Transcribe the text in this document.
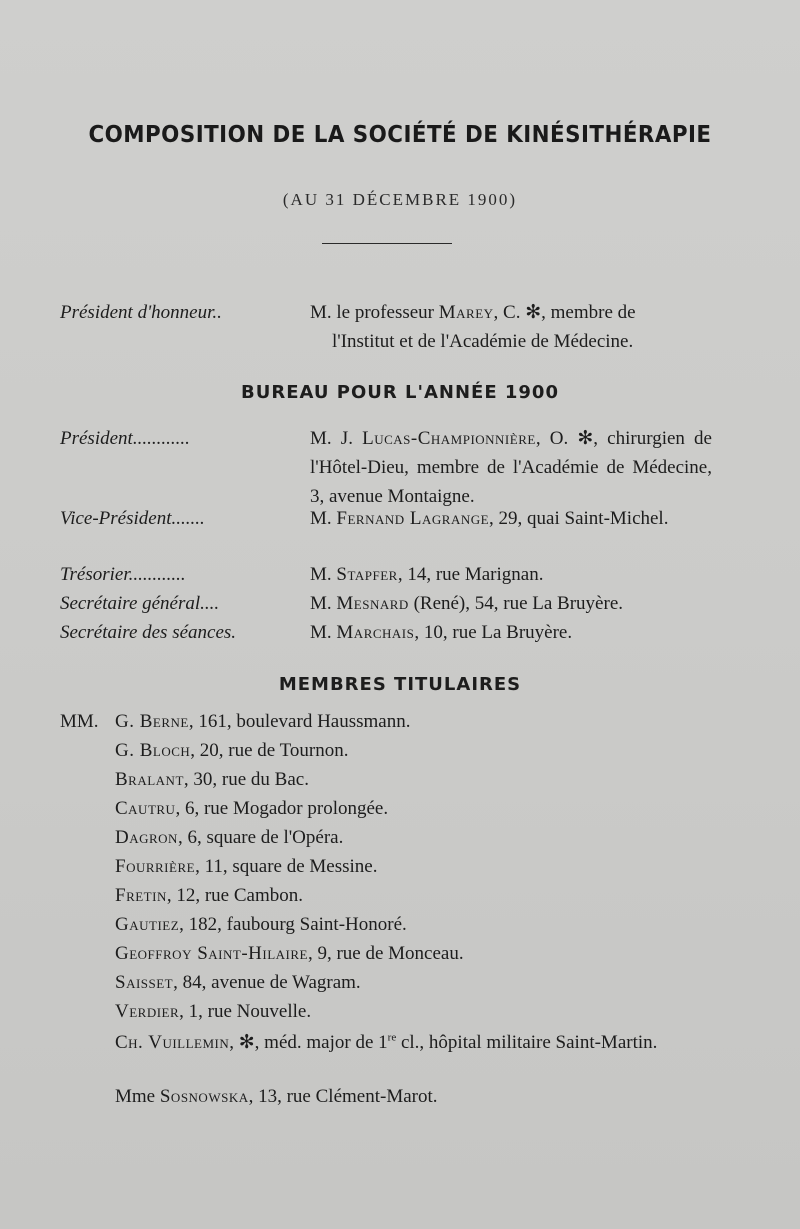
COMPOSITION DE LA SOCIÉTÉ DE KINÉSITHÉRAPIE
(AU 31 DÉCEMBRE 1900)
Président d'honneur..	M. le professeur Marey, C. ✻, membre de
l'Institut et de l'Académie de Médecine.
BUREAU POUR L'ANNÉE 1900
Président............	M. J. Lucas-Championnière, O. ✻, chirurgien de l'Hôtel-Dieu, membre de l'Académie de Médecine, 3, avenue Montaigne.
Vice-Président.......	M. Fernand Lagrange, 29, quai Saint-Michel.
Trésorier............	M. Stapfer, 14, rue Marignan.
Secrétaire général....	M. Mesnard (René), 54, rue La Bruyère.
Secrétaire des séances.	M. Marchais, 10, rue La Bruyère.
MEMBRES TITULAIRES
MM. G. Berne, 161, boulevard Haussmann.
G. Bloch, 20, rue de Tournon.
Bralant, 30, rue du Bac.
Cautru, 6, rue Mogador prolongée.
Dagron, 6, square de l'Opéra.
Fourrière, 11, square de Messine.
Fretin, 12, rue Cambon.
Gautiez, 182, faubourg Saint-Honoré.
Geoffroy Saint-Hilaire, 9, rue de Monceau.
Saisset, 84, avenue de Wagram.
Verdier, 1, rue Nouvelle.
Ch. Vuillemin, ✻, méd. major de 1re cl., hôpital militaire Saint-Martin.
Mme Sosnowska, 13, rue Clément-Marot.
